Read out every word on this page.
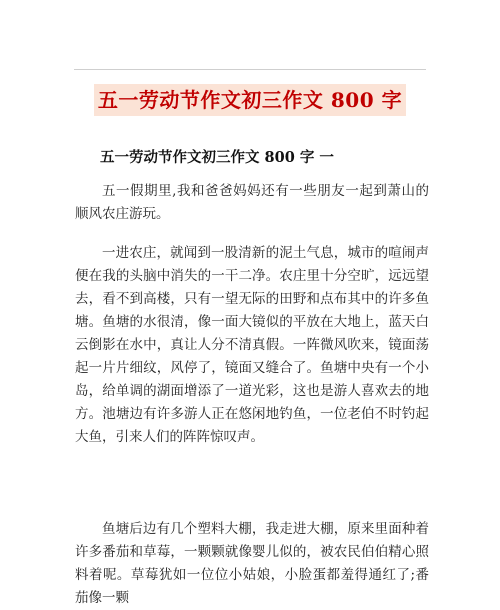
五一劳动节作文初三作文 800 字
五一劳动节作文初三作文 800 字 一

五一假期里,我和爸爸妈妈还有一些朋友一起到萧山的顺风农庄游玩。

一进农庄，就闻到一股清新的泥土气息，城市的喧闹声便在我的头脑中消失的一干二净。农庄里十分空旷，远远望去，看不到高楼，只有一望无际的田野和点布其中的许多鱼塘。鱼塘的水很清，像一面大镜似的平放在大地上，蓝天白云倒影在水中，真让人分不清真假。一阵微风吹来，镜面荡起一片片细纹，风停了，镜面又缝合了。鱼塘中央有一个小岛，给单调的湖面增添了一道光彩，这也是游人喜欢去的地方。池塘边有许多游人正在悠闲地钓鱼，一位老伯不时钓起大鱼，引来人们的阵阵惊叹声。

鱼塘后边有几个塑料大棚，我走进大棚，原来里面种着许多番茄和草莓，一颗颗就像婴儿似的，被农民伯伯精心照料着呢。草莓犹如一位位小姑娘，小脸蛋都羞得通红了;番茄像一颗
